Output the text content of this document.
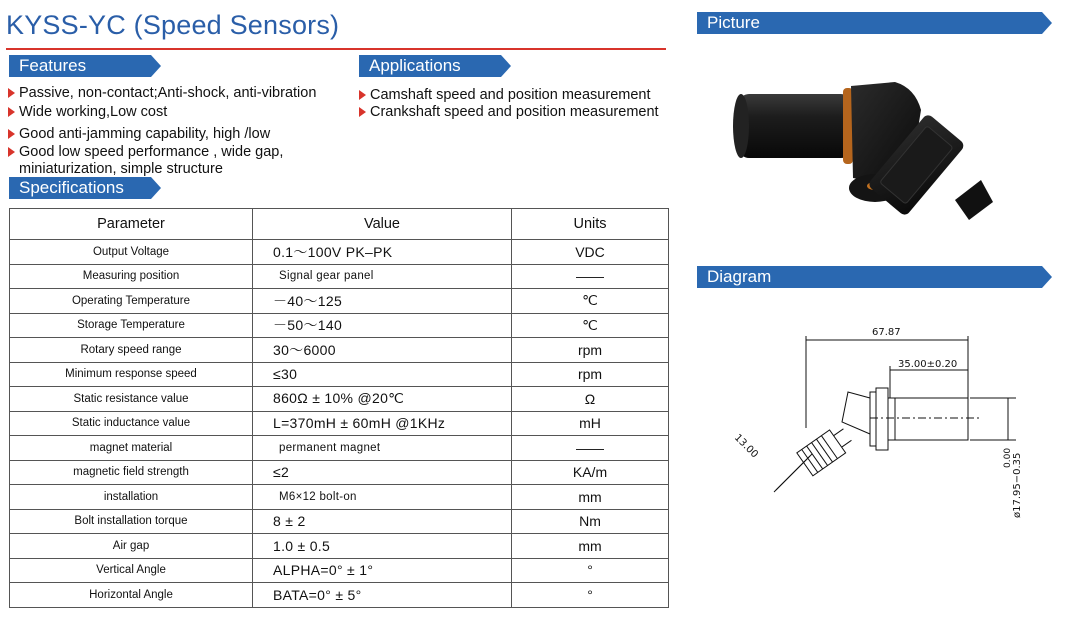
KYSS-YC (Speed Sensors)
Features	Applications
Specifications
Picture
Diagram
Passive, non-contact;Anti-shock, anti-vibration
Wide working,Low cost
Good anti-jamming capability, high /low
Good low speed performance , wide gap,
miniaturization, simple structure
Camshaft speed and position measurement
Crankshaft speed and position measurement
Parameter	Value	Units
Output Voltage	0.1～100V PK–PK	VDC
Measuring position	Signal gear panel	——
Operating Temperature	－40～125	℃
Storage Temperature	－50～140	℃
Rotary speed range	30～6000	rpm
Minimum response speed	≤30	rpm
Static resistance value	860Ω ± 10% @20℃	Ω
Static inductance value	L=370mH ± 60mH @1KHz	mH
magnet material	permanent magnet	——
magnetic field strength	≤2	KA/m
installation	M6×12 bolt-on	mm
Bolt installation torque	8 ± 2	Nm
Air gap	1.0 ± 0.5	mm
Vertical Angle	ALPHA=0° ± 1°	°
Horizontal Angle	BATA=0° ± 5°	°
67.87
35.00±0.20
13.00
ø17.95−0.35
0.00
